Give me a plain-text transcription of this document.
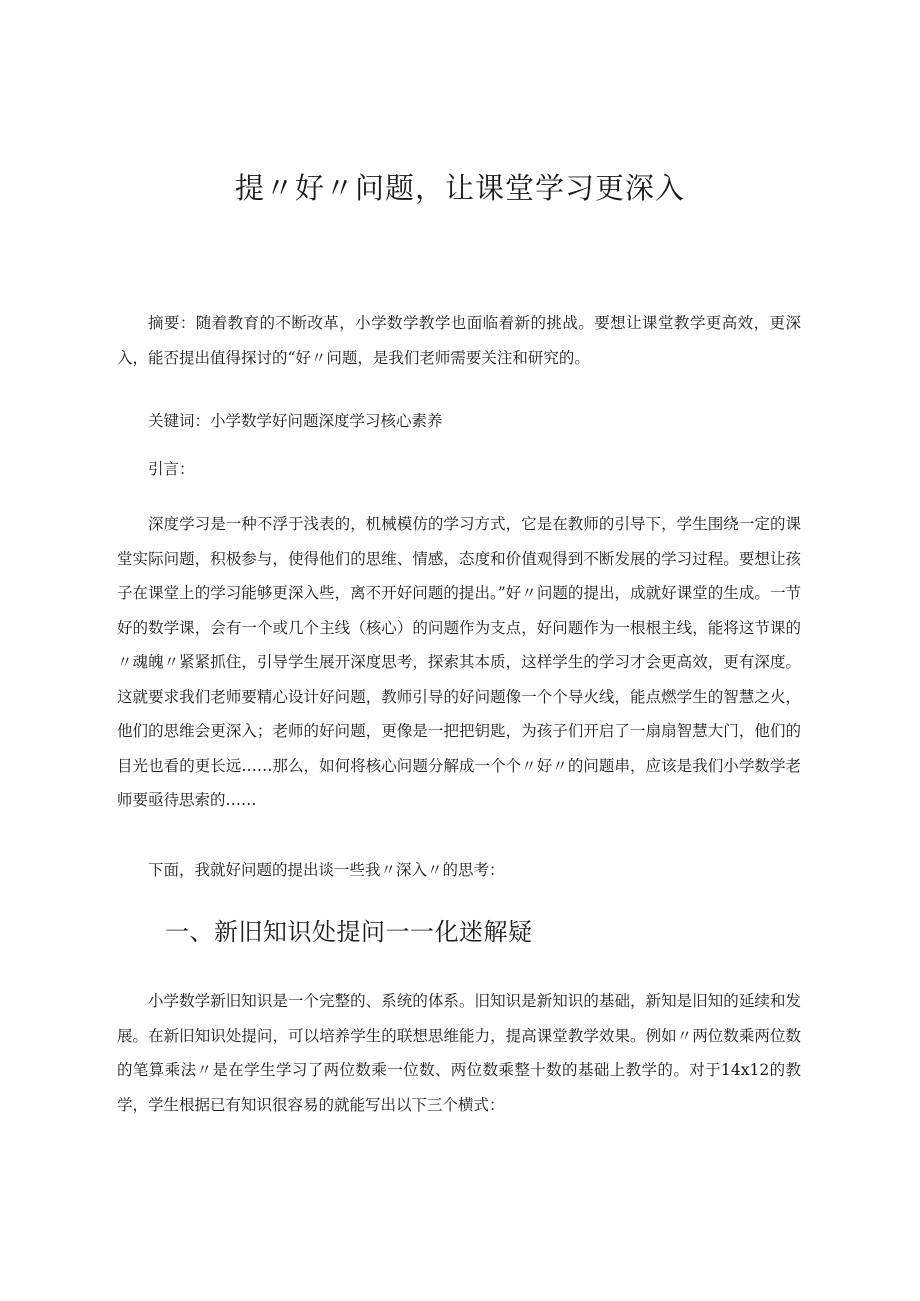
提〃好〃问题，让课堂学习更深入

摘要：随着教育的不断改革，小学数学教学也面临着新的挑战。要想让课堂教学更高效，更深入，能否提出值得探讨的“好〃问题，是我们老师需要关注和研究的。

关键词：小学数学好问题深度学习核心素养

引言：

深度学习是一种不浮于浅表的，机械模仿的学习方式，它是在教师的引导下，学生围绕一定的课堂实际问题，积极参与，使得他们的思维、情感，态度和价值观得到不断发展的学习过程。要想让孩子在课堂上的学习能够更深入些，离不开好问题的提出。”好〃问题的提出，成就好课堂的生成。一节好的数学课，会有一个或几个主线（核心）的问题作为支点，好问题作为一根根主线，能将这节课的〃魂魄〃紧紧抓住，引导学生展开深度思考，探索其本质，这样学生的学习才会更高效，更有深度。这就要求我们老师要精心设计好问题，教师引导的好问题像一个个导火线，能点燃学生的智慧之火，他们的思维会更深入；老师的好问题，更像是一把把钥匙，为孩子们开启了一扇扇智慧大门，他们的目光也看的更长远……那么，如何将核心问题分解成一个个〃好〃的问题串，应该是我们小学数学老师要亟待思索的……

下面，我就好问题的提出谈一些我〃深入〃的思考：

一、新旧知识处提问一一化迷解疑

小学数学新旧知识是一个完整的、系统的体系。旧知识是新知识的基础，新知是旧知的延续和发展。在新旧知识处提问，可以培养学生的联想思维能力，提高课堂教学效果。例如〃两位数乘两位数的笔算乘法〃是在学生学习了两位数乘一位数、两位数乘整十数的基础上教学的。对于14x12的教学，学生根据已有知识很容易的就能写出以下三个横式：
